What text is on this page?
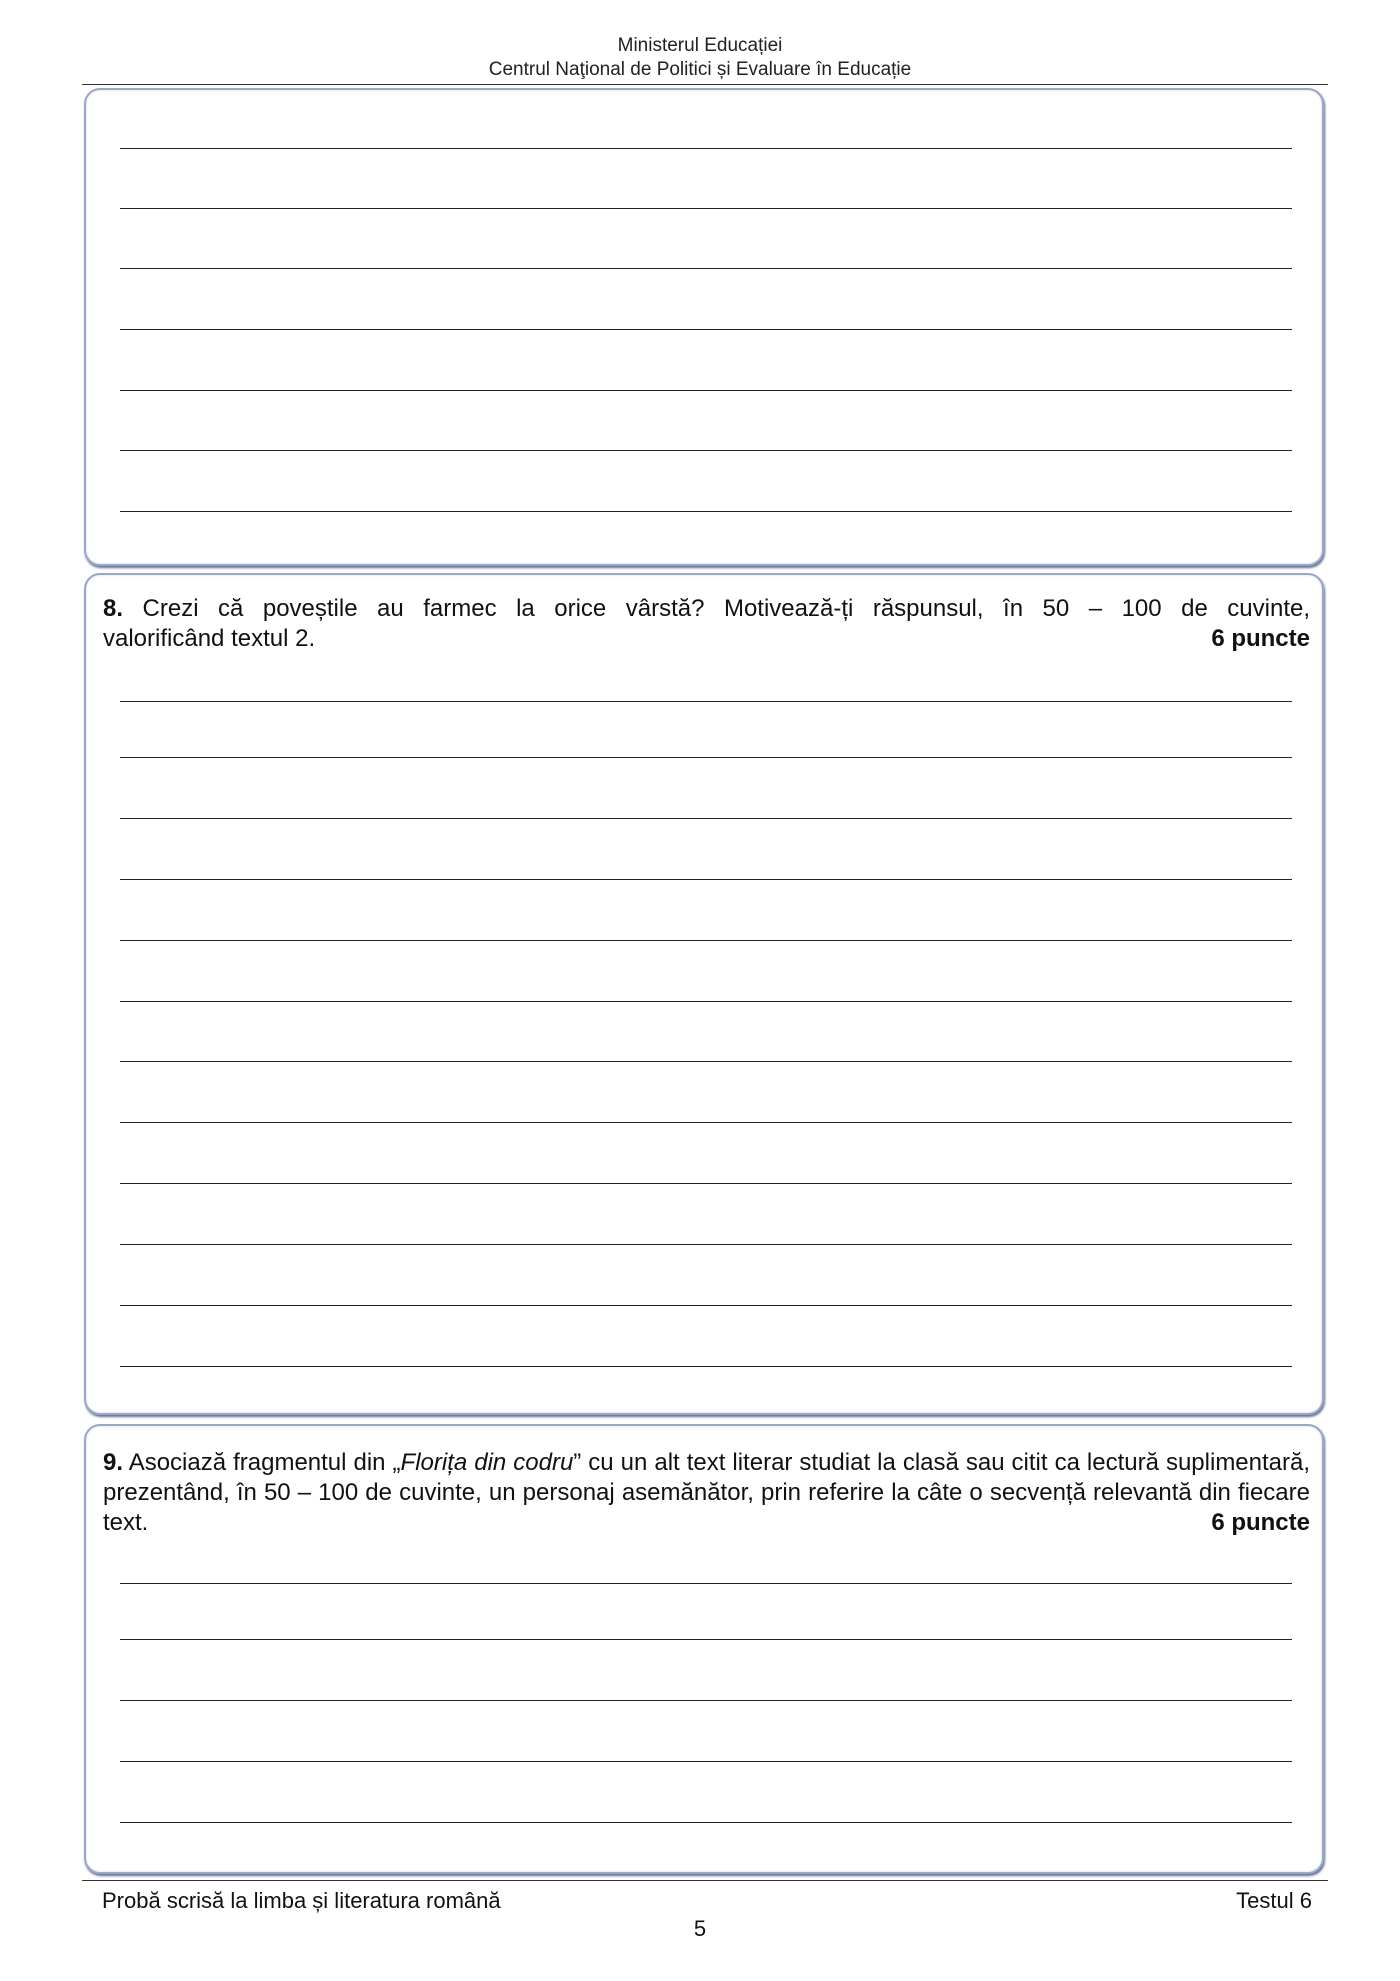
Ministerul Educației
Centrul Naţional de Politici și Evaluare în Educație
8. Crezi că poveștile au farmec la orice vârstă? Motivează-ți răspunsul, în 50 – 100 de cuvinte,
valorificând textul 2.	6 puncte
9. Asociază fragmentul din „Florița din codru” cu un alt text literar studiat la clasă sau citit ca lectură suplimentară, prezentând, în 50 – 100 de cuvinte, un personaj asemănător, prin referire la câte o secvență relevantă din fiecare text.	6 puncte
Probă scrisă la limba și literatura română	Testul 6
5
